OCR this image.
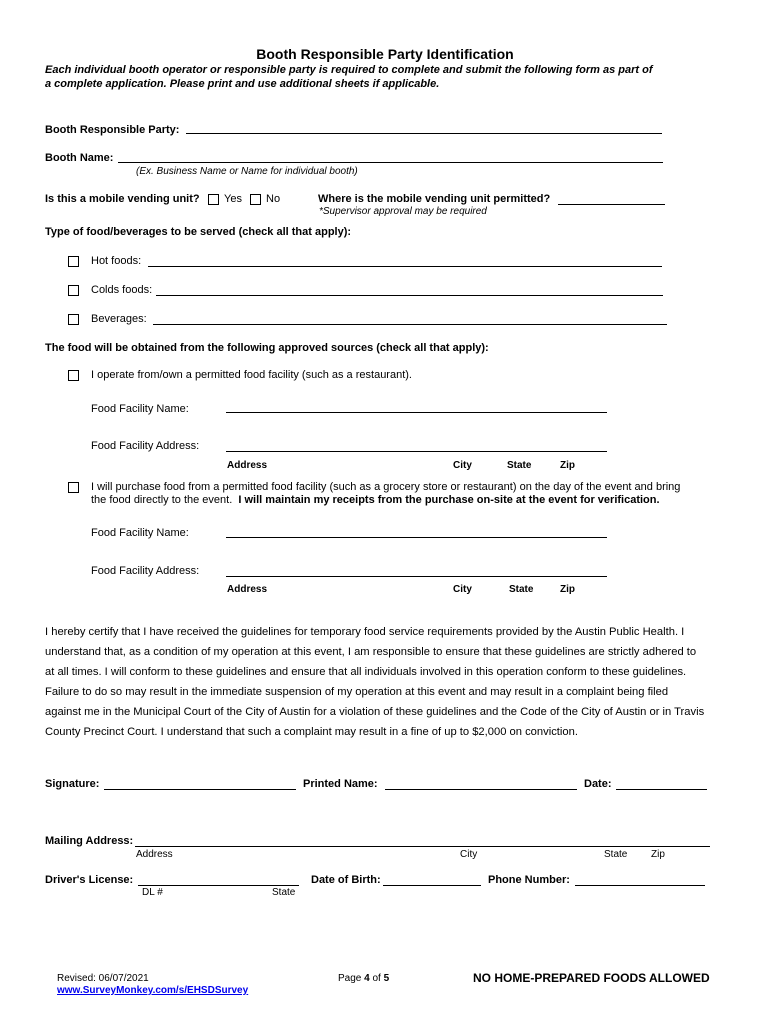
Booth Responsible Party Identification
Each individual booth operator or responsible party is required to complete and submit the following form as part of
a complete application. Please print and use additional sheets if applicable.
Booth Responsible Party:
Booth Name:
(Ex. Business Name or Name for individual booth)
Is this a mobile vending unit? Yes No	Where is the mobile vending unit permitted?
*Supervisor approval may be required
Type of food/beverages to be served (check all that apply):
Hot foods:
Colds foods:
Beverages:
The food will be obtained from the following approved sources (check all that apply):
I operate from/own a permitted food facility (such as a restaurant).
Food Facility Name:
Food Facility Address:
Address	City	State	Zip
I will purchase food from a permitted food facility (such as a grocery store or restaurant) on the day of the event and bring
the food directly to the event. I will maintain my receipts from the purchase on-site at the event for verification.
Food Facility Name:
Food Facility Address:
Address	City	State	Zip
I hereby certify that I have received the guidelines for temporary food service requirements provided by the Austin Public Health. I understand that, as a condition of my operation at this event, I am responsible to ensure that these guidelines are strictly adhered to at all times. I will conform to these guidelines and ensure that all individuals involved in this operation conform to these guidelines. Failure to do so may result in the immediate suspension of my operation at this event and may result in a complaint being filed against me in the Municipal Court of the City of Austin for a violation of these guidelines and the Code of the City of Austin or in Travis County Precinct Court. I understand that such a complaint may result in a fine of up to $2,000 on conviction.
Signature:	Printed Name:	Date:
Mailing Address:
Address	City	State Zip
Driver's License:
DL #	State
Date of Birth:	Phone Number:
Revised: 06/07/2021
www.SurveyMonkey.com/s/EHSDSurvey
Page 4 of 5	NO HOME-PREPARED FOODS ALLOWED
